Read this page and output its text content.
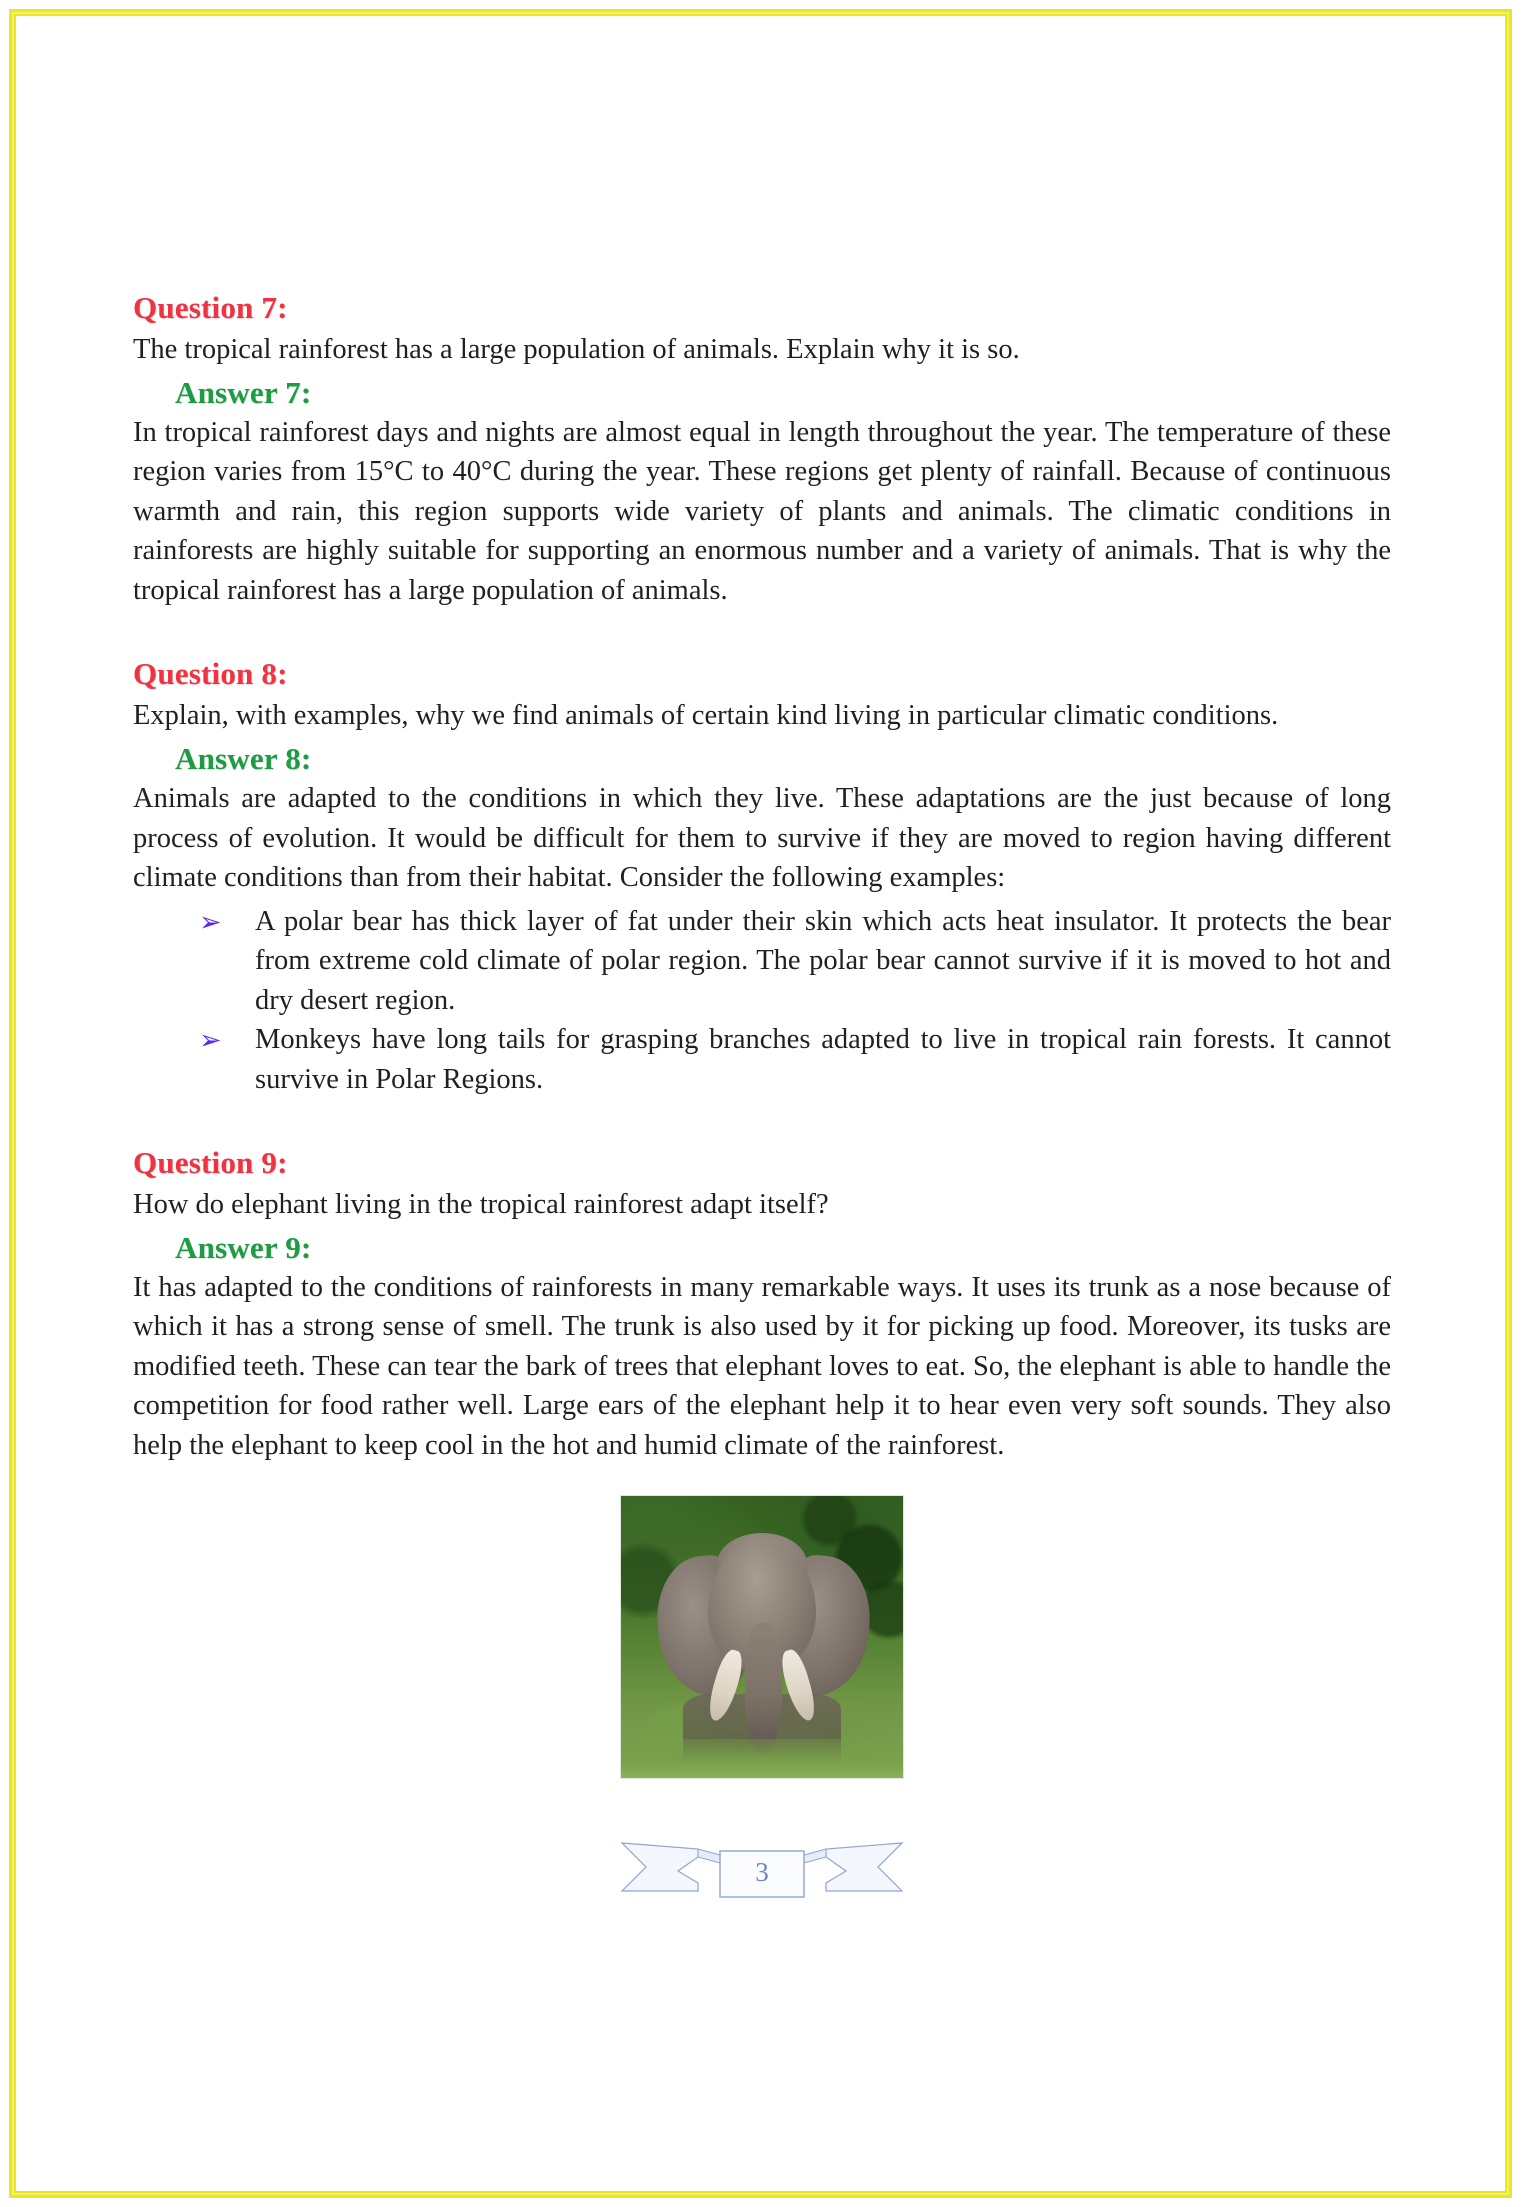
Question 7:

The tropical rainforest has a large population of animals. Explain why it is so.

Answer 7:

In tropical rainforest days and nights are almost equal in length throughout the year. The temperature of these region varies from 15°C to 40°C during the year. These regions get plenty of rainfall. Because of continuous warmth and rain, this region supports wide variety of plants and animals. The climatic conditions in rainforests are highly suitable for supporting an enormous number and a variety of animals. That is why the tropical rainforest has a large population of animals.

Question 8:

Explain, with examples, why we find animals of certain kind living in particular climatic conditions.

Answer 8:

Animals are adapted to the conditions in which they live. These adaptations are the just because of long process of evolution. It would be difficult for them to survive if they are moved to region having different climate conditions than from their habitat. Consider the following examples:

➢	A polar bear has thick layer of fat under their skin which acts heat insulator. It protects the bear from extreme cold climate of polar region. The polar bear cannot survive if it is moved to hot and dry desert region.
➢	Monkeys have long tails for grasping branches adapted to live in tropical rain forests. It cannot survive in Polar Regions.
Question 9:

How do elephant living in the tropical rainforest adapt itself?

Answer 9:

It has adapted to the conditions of rainforests in many remarkable ways. It uses its trunk as a nose because of which it has a strong sense of smell. The trunk is also used by it for picking up food. Moreover, its tusks are modified teeth. These can tear the bark of trees that elephant loves to eat. So, the elephant is able to handle the competition for food rather well. Large ears of the elephant help it to hear even very soft sounds. They also help the elephant to keep cool in the hot and humid climate of the rainforest.

3
